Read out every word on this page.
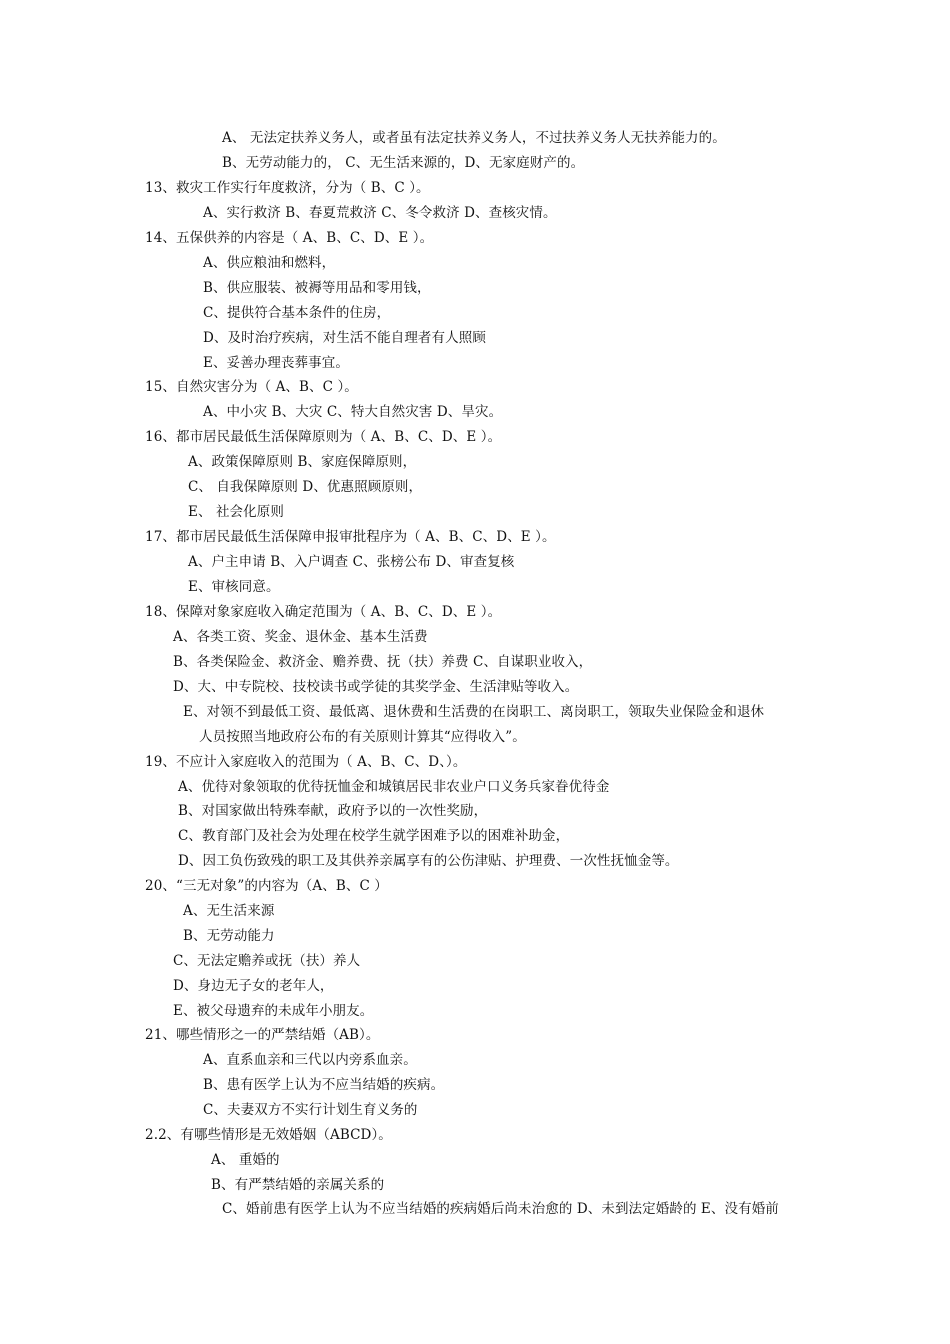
A、 无法定扶养义务人，或者虽有法定扶养义务人，不过扶养义务人无扶养能力的。
B、无劳动能力的， C、无生活来源的，D、无家庭财产的。
13、救灾工作实行年度救济，分为（ B、C ）。
A、实行救济 B、春夏荒救济 C、冬令救济 D、查核灾情。
14、五保供养的内容是（ A、B、C、D、E ）。
A、供应粮油和燃料，
B、供应服装、被褥等用品和零用钱，
C、提供符合基本条件的住房，
D、及时治疗疾病，对生活不能自理者有人照顾
E、妥善办理丧葬事宜。
15、自然灾害分为（ A、B、C ）。
A、中小灾 B、大灾 C、特大自然灾害 D、旱灾。
16、都市居民最低生活保障原则为（ A、B、C、D、E ）。
A、政策保障原则 B、家庭保障原则，
C、 自我保障原则 D、优惠照顾原则，
E、 社会化原则
17、都市居民最低生活保障申报审批程序为（ A、B、C、D、E ）。
A、户主申请 B、入户调查 C、张榜公布 D、审查复核
E、审核同意。
18、保障对象家庭收入确定范围为（ A、B、C、D、E ）。
A、各类工资、奖金、退休金、基本生活费
B、各类保险金、救济金、赡养费、抚（扶）养费 C、自谋职业收入，
D、大、中专院校、技校读书或学徒的其奖学金、生活津贴等收入。
E、对领不到最低工资、最低离、退休费和生活费的在岗职工、离岗职工，领取失业保险金和退休
人员按照当地政府公布的有关原则计算其“应得收入”。
19、不应计入家庭收入的范围为（ A、B、C、D、）。
A、优待对象领取的优待抚恤金和城镇居民非农业户口义务兵家眷优待金
B、对国家做出特殊奉献，政府予以的一次性奖励，
C、教育部门及社会为处理在校学生就学困难予以的困难补助金，
D、因工负伤致残的职工及其供养亲属享有的公伤津贴、护理费、一次性抚恤金等。
20、“三无对象”的内容为（A、B、C ）
A、无生活来源
B、无劳动能力
C、无法定赡养或抚（扶）养人
D、身边无子女的老年人，
E、被父母遗弃的未成年小朋友。
21、哪些情形之一的严禁结婚（AB）。
A、直系血亲和三代以内旁系血亲。
B、患有医学上认为不应当结婚的疾病。
C、夫妻双方不实行计划生育义务的
2.2、有哪些情形是无效婚姻（ABCD）。
A、 重婚的
B、有严禁结婚的亲属关系的
C、婚前患有医学上认为不应当结婚的疾病婚后尚未治愈的 D、未到法定婚龄的 E、没有婚前
